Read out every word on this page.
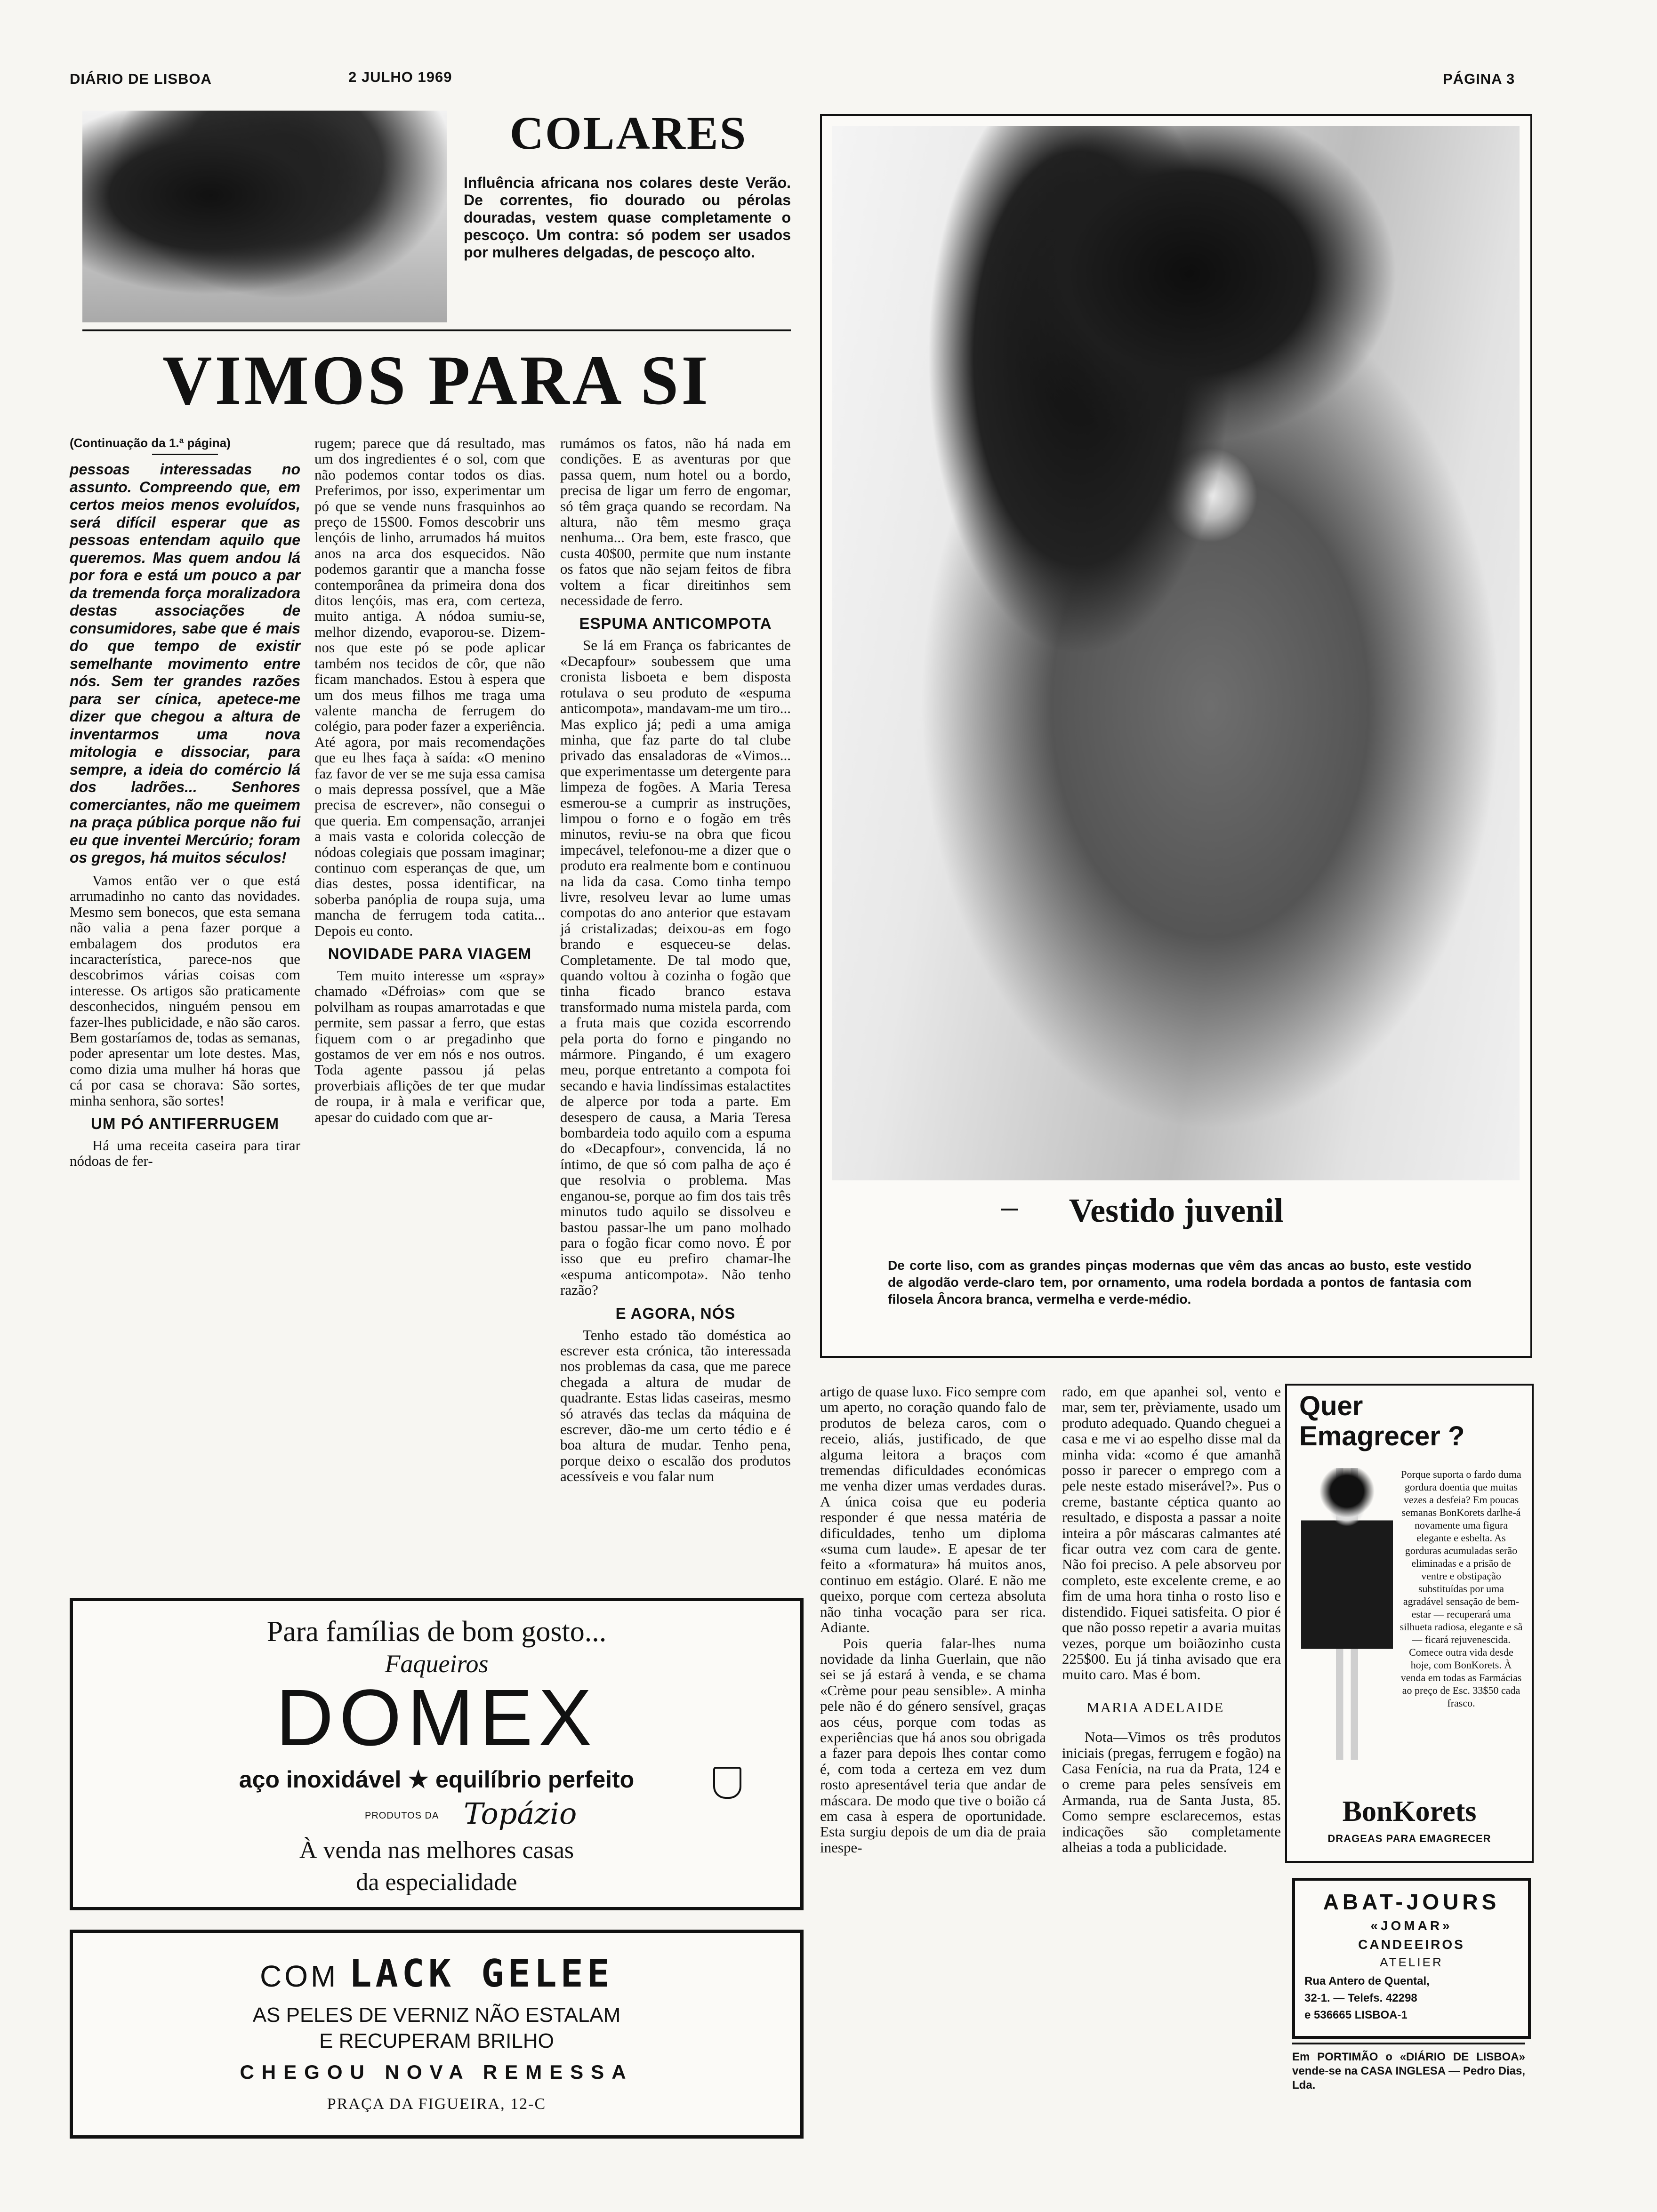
DIÁRIO DE LISBOA	2 JULHO 1969	PÁGINA 3
COLARES
Influência africana nos colares deste Verão. De correntes, fio dourado ou pérolas douradas, vestem quase completamente o pescoço. Um contra: só podem ser usados por mulheres delgadas, de pescoço alto.
VIMOS PARA SI
(Continuação da 1.ª página)

pessoas interessadas no assunto. Compreendo que, em certos meios menos evoluídos, será difícil esperar que as pessoas entendam aquilo que queremos. Mas quem andou lá por fora e está um pouco a par da tremenda força moralizadora destas associações de consumidores, sabe que é mais do que tempo de existir semelhante movimento entre nós. Sem ter grandes razões para ser cínica, apetece-me dizer que chegou a altura de inventarmos uma nova mitologia e dissociar, para sempre, a ideia do comércio lá dos ladrões... Senhores comerciantes, não me queimem na praça pública porque não fui eu que inventei Mercúrio; foram os gregos, há muitos séculos!

Vamos então ver o que está arrumadinho no canto das novidades. Mesmo sem bonecos, que esta semana não valia a pena fazer porque a embalagem dos produtos era incaracterística, parece-nos que descobrimos várias coisas com interesse. Os artigos são praticamente desconhecidos, ninguém pensou em fazer-lhes publicidade, e não são caros. Bem gostaríamos de, todas as semanas, poder apresentar um lote destes. Mas, como dizia uma mulher há horas que cá por casa se chorava: São sortes, minha senhora, são sortes!

UM PÓ ANTIFERRUGEM

Há uma receita caseira para tirar nódoas de fer-

rugem; parece que dá resultado, mas um dos ingredientes é o sol, com que não podemos contar todos os dias. Preferimos, por isso, experimentar um pó que se vende nuns frasquinhos ao preço de 15$00. Fomos descobrir uns lençóis de linho, arrumados há muitos anos na arca dos esquecidos. Não podemos garantir que a mancha fosse contemporânea da primeira dona dos ditos lençóis, mas era, com certeza, muito antiga. A nódoa sumiu-se, melhor dizendo, evaporou-se. Dizem-nos que este pó se pode aplicar também nos tecidos de côr, que não ficam manchados. Estou à espera que um dos meus filhos me traga uma valente mancha de ferrugem do colégio, para poder fazer a experiência. Até agora, por mais recomendações que eu lhes faça à saída: «O menino faz favor de ver se me suja essa camisa o mais depressa possível, que a Mãe precisa de escrever», não consegui o que queria. Em compensação, arranjei a mais vasta e colorida colecção de nódoas colegiais que possam imaginar; continuo com esperanças de que, um dias destes, possa identificar, na soberba panóplia de roupa suja, uma mancha de ferrugem toda catita... Depois eu conto.

NOVIDADE PARA VIAGEM

Tem muito interesse um «spray» chamado «Défroias» com que se polvilham as roupas amarrotadas e que permite, sem passar a ferro, que estas fiquem com o ar pregadinho que gostamos de ver em nós e nos outros. Toda agente passou já pelas proverbiais aflições de ter que mudar de roupa, ir à mala e verificar que, apesar do cuidado com que ar-

rumámos os fatos, não há nada em condições. E as aventuras por que passa quem, num hotel ou a bordo, precisa de ligar um ferro de engomar, só têm graça quando se recordam. Na altura, não têm mesmo graça nenhuma... Ora bem, este frasco, que custa 40$00, permite que num instante os fatos que não sejam feitos de fibra voltem a ficar direitinhos sem necessidade de ferro.

ESPUMA ANTICOMPOTA

Se lá em França os fabricantes de «Decapfour» soubessem que uma cronista lisboeta e bem disposta rotulava o seu produto de «espuma anticompota», mandavam-me um tiro... Mas explico já; pedi a uma amiga minha, que faz parte do tal clube privado das ensaladoras de «Vimos... que experimentasse um detergente para limpeza de fogões. A Maria Teresa esmerou-se a cumprir as instruções, limpou o forno e o fogão em três minutos, reviu-se na obra que ficou impecável, telefonou-me a dizer que o produto era realmente bom e continuou na lida da casa. Como tinha tempo livre, resolveu levar ao lume umas compotas do ano anterior que estavam já cristalizadas; deixou-as em fogo brando e esqueceu-se delas. Completamente. De tal modo que, quando voltou à cozinha o fogão que tinha ficado branco estava transformado numa mistela parda, com a fruta mais que cozida escorrendo pela porta do forno e pingando no mármore. Pingando, é um exagero meu, porque entretanto a compota foi secando e havia lindíssimas estalactites de alperce por toda a parte. Em desespero de causa, a Maria Teresa bombardeia todo aquilo com a espuma do «Decapfour», convencida, lá no íntimo, de que só com palha de aço é que resolvia o problema. Mas enganou-se, porque ao fim dos tais três minutos tudo aquilo se dissolveu e bastou passar-lhe um pano molhado para o fogão ficar como novo. É por isso que eu prefiro chamar-lhe «espuma anticompota». Não tenho razão?

E AGORA, NÓS

Tenho estado tão doméstica ao escrever esta crónica, tão interessada nos problemas da casa, que me parece chegada a altura de mudar de quadrante. Estas lidas caseiras, mesmo só através das teclas da máquina de escrever, dão-me um certo tédio e é boa altura de mudar. Tenho pena, porque deixo o escalão dos produtos acessíveis e vou falar num

Vestido juvenil
De corte liso, com as grandes pinças modernas que vêm das ancas ao busto, este vestido de algodão verde-claro tem, por ornamento, uma rodela bordada a pontos de fantasia com filosela Âncora branca, vermelha e verde-médio.

artigo de quase luxo. Fico sempre com um aperto, no coração quando falo de produtos de beleza caros, com o receio, aliás, justificado, de que alguma leitora a braços com tremendas dificuldades económicas me venha dizer umas verdades duras. A única coisa que eu poderia responder é que nessa matéria de dificuldades, tenho um diploma «suma cum laude». E apesar de ter feito a «formatura» há muitos anos, continuo em estágio. Olaré. E não me queixo, porque com certeza absoluta não tinha vocação para ser rica. Adiante.

Pois queria falar-lhes numa novidade da linha Guerlain, que não sei se já estará à venda, e se chama «Crème pour peau sensible». A minha pele não é do género sensível, graças aos céus, porque com todas as experiências que há anos sou obrigada a fazer para depois lhes contar como é, com toda a certeza em vez dum rosto apresentável teria que andar de máscara. De modo que tive o boião cá em casa à espera de oportunidade. Esta surgiu depois de um dia de praia inespe-

rado, em que apanhei sol, vento e mar, sem ter, prèviamente, usado um produto adequado. Quando cheguei a casa e me vi ao espelho disse mal da minha vida: «como é que amanhã posso ir parecer o emprego com a pele neste estado miserável?». Pus o creme, bastante céptica quanto ao resultado, e disposta a passar a noite inteira a pôr máscaras calmantes até ficar outra vez com cara de gente. Não foi preciso. A pele absorveu por completo, este excelente creme, e ao fim de uma hora tinha o rosto liso e distendido. Fiquei satisfeita. O pior é que não posso repetir a avaria muitas vezes, porque um boiãozinho custa 225$00. Eu já tinha avisado que era muito caro. Mas é bom.

MARIA ADELAIDE

Nota—Vimos os três produtos iniciais (pregas, ferrugem e fogão) na Casa Fenícia, na rua da Prata, 124 e o creme para peles sensíveis em Armanda, rua de Santa Justa, 85. Como sempre esclarecemos, estas indicações são completamente alheias a toda a publicidade.

Quer
Emagrecer ?
Porque suporta o fardo duma gordura doentia que muitas vezes a desfeia? Em poucas semanas BonKorets darlhe-á novamente uma figura elegante e esbelta. As gorduras acumuladas serão eliminadas e a prisão de ventre e obstipação substituídas por uma agradável sensação de bem-estar — recuperará uma silhueta radiosa, elegante e sã — ficará rejuvenescida. Comece outra vida desde hoje, com BonKorets. À venda em todas as Farmácias ao preço de Esc. 33$50 cada frasco.
BonKorets
DRAGEAS PARA EMAGRECER
ABAT-JOURS
«JOMAR»
CANDEEIROS
ATELIER
Rua Antero de Quental,
32-1. — Telefs. 42298
e 536665 LISBOA-1
Em PORTIMÃO o «DIÁRIO DE LISBOA» vende-se na CASA INGLESA — Pedro Dias, Lda.
Para famílias de bom gosto...
Faqueiros
DOMEX
aço inoxidável ★ equilíbrio perfeito
PRODUTOS DA Topázio
À venda nas melhores casas
da especialidade
COM LACK GELEE
AS PELES DE VERNIZ NÃO ESTALAM
E RECUPERAM BRILHO
CHEGOU NOVA REMESSA
PRAÇA DA FIGUEIRA, 12-C
